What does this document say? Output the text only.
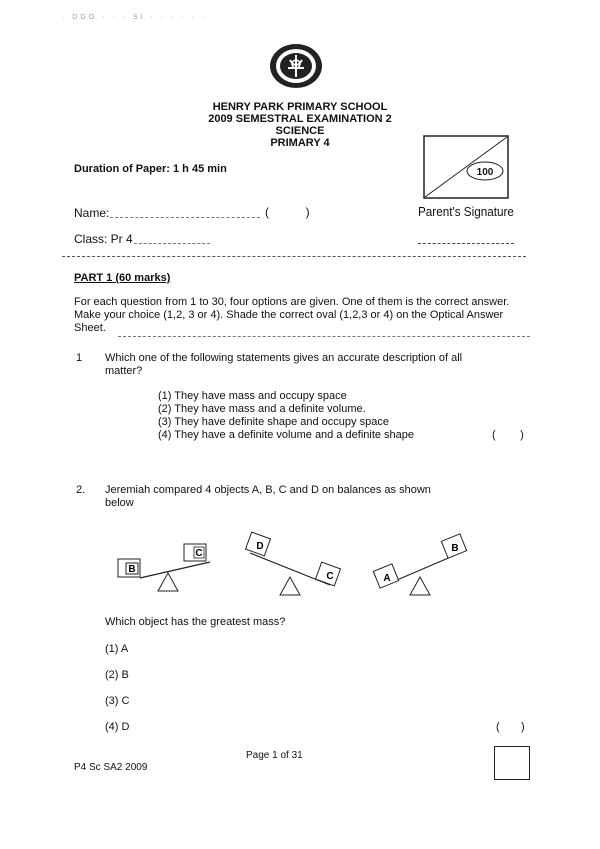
· DGO · · · SI · · · · · ·
HENRY PARK PRIMARY SCHOOL
2009 SEMESTRAL EXAMINATION 2
SCIENCE
PRIMARY 4
100
Duration of Paper: 1 h 45 min
Name:	(           )	Parent's Signature
Class: Pr 4
PART 1 (60 marks)
For each question from 1 to 30, four options are given. One of them is the correct answer. Make your choice (1,2, 3 or 4). Shade the correct oval (1,2,3 or 4) on the Optical Answer Sheet.
1 Which one of the following statements gives an accurate description of all matter?
(1) They have mass and occupy space
(2) They have mass and a definite volume.
(3) They have definite shape and occupy space
(4) They have a definite volume and a definite shape	(        )
2. Jeremiah compared 4 objects A, B, C and D on balances as shown below
B
C
D
C	A
B
Which object has the greatest mass?
(1) A
(2) B
(3) C
(4) D	(       )
Page 1 of 31
P4 Sc SA2 2009
